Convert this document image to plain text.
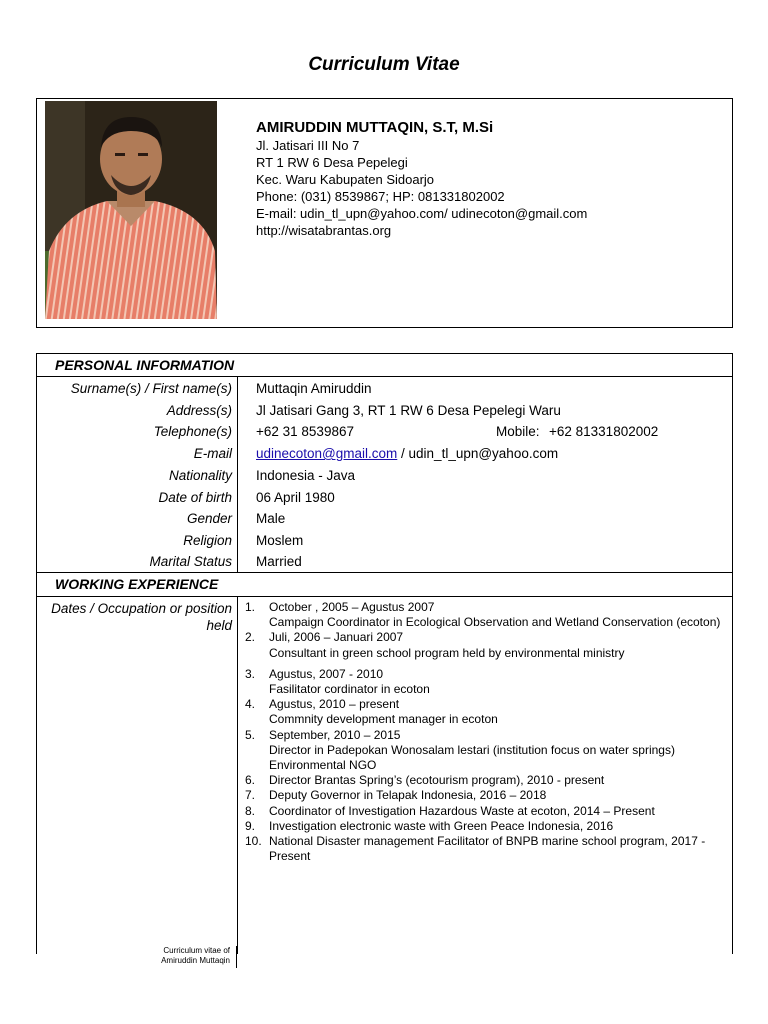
Curriculum Vitae
AMIRUDDIN MUTTAQIN, S.T, M.Si
Jl. Jatisari III No 7
RT 1 RW 6 Desa Pepelegi
Kec. Waru Kabupaten Sidoarjo
Phone: (031) 8539867; HP: 081331802002
E-mail: udin_tl_upn@yahoo.com/ udinecoton@gmail.com
http://wisatabrantas.org
PERSONAL INFORMATION
Surname(s) / First name(s) Muttaqin Amiruddin
Address(s) Jl Jatisari Gang 3, RT 1 RW 6 Desa Pepelegi Waru
Telephone(s) +62 31 8539867	Mobile: +62 81331802002
E-mail udinecoton@gmail.com / udin_tl_upn@yahoo.com
Nationality Indonesia - Java
Date of birth 06 April 1980
Gender Male
Religion Moslem
Marital Status Married
WORKING EXPERIENCE
Dates / Occupation or position held
1. October , 2005 – Agustus 2007
Campaign Coordinator in Ecological Observation and Wetland Conservation (ecoton)
2. Juli, 2006 – Januari 2007
Consultant in green school program held by environmental ministry
3. Agustus, 2007 - 2010
Fasilitator cordinator in ecoton
4. Agustus, 2010 – present
Commnity development manager in ecoton
5. September, 2010 – 2015
Director in Padepokan Wonosalam lestari (institution focus on water springs)
Environmental NGO
6. Director Brantas Spring’s (ecotourism program), 2010 - present
7. Deputy Governor in Telapak Indonesia, 2016 – 2018
8. Coordinator of Investigation Hazardous Waste at ecoton, 2014 – Present
9. Investigation electronic waste with Green Peace Indonesia, 2016
10. National Disaster management Facilitator of BNPB marine school program, 2017 -
Present
Curriculum vitae of
Amiruddin Muttaqin
